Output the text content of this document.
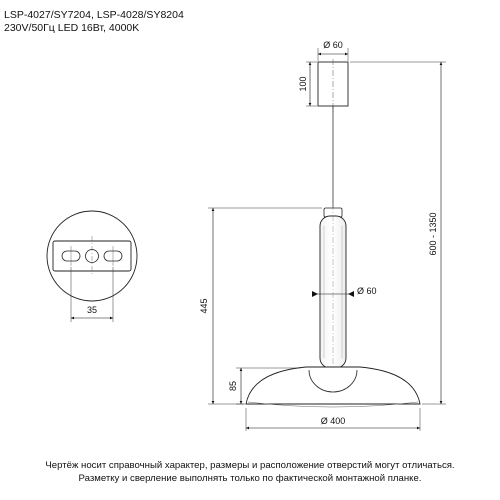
LSP-4027/SY7204, LSP-4028/SY8204
230V/50Гц LED 16Вт, 4000K
Ø 60
100
Ø 60
Ø 400
85
445
600 - 1350
35
Чертёж носит справочный характер, размеры и расположение отверстий могут отличаться.
Разметку и сверление выполнять только по фактической монтажной планке.
